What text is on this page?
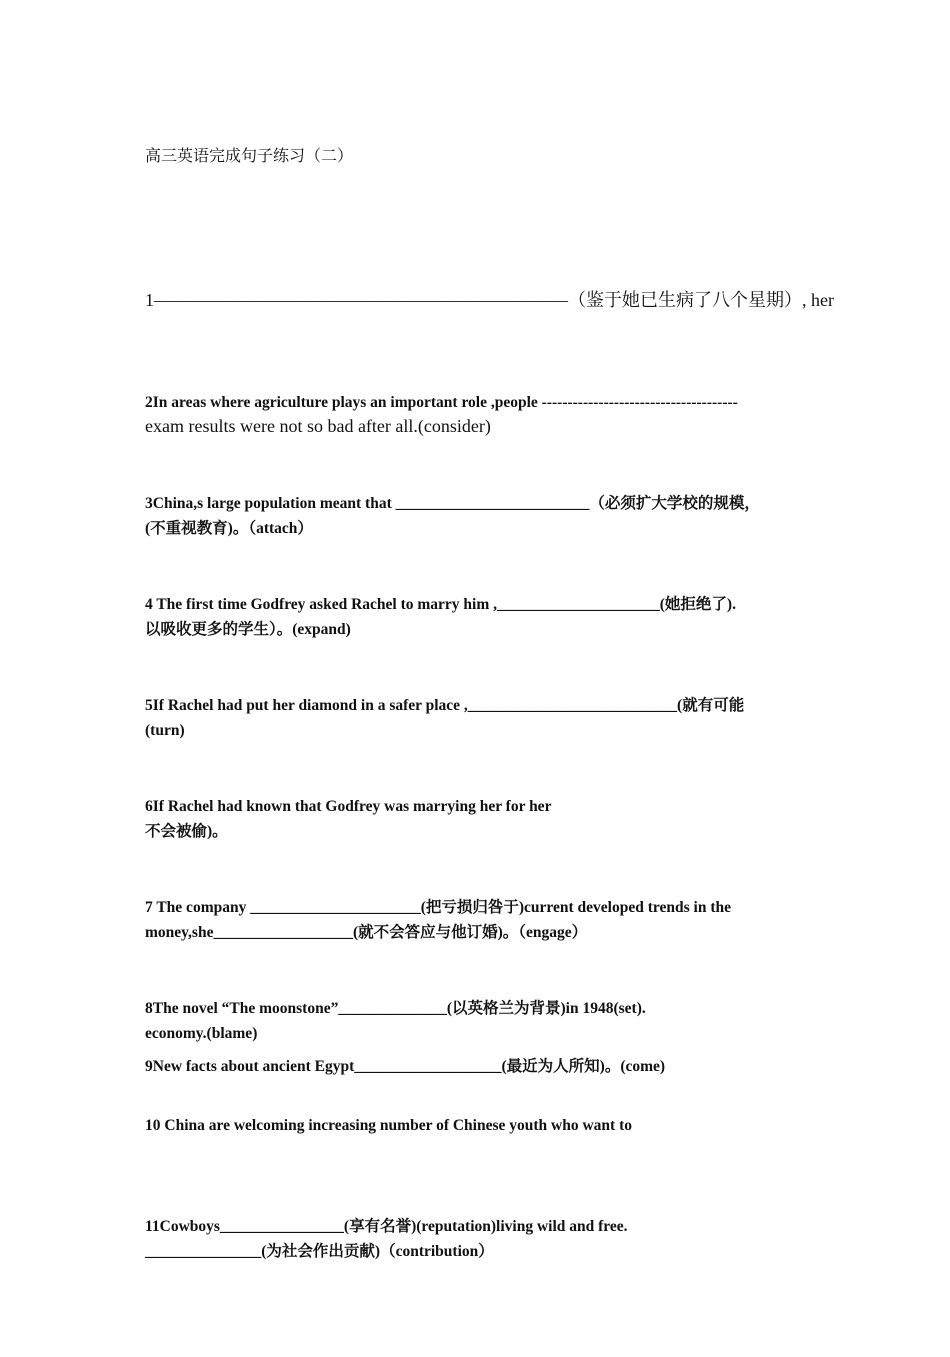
高三英语完成句子练习（二）

1———————————————————————（鉴于她已生病了八个星期）, her

exam results were not so bad after all.(consider)

2In areas where agriculture plays an important role ,people --------------------------------------

(不重视教育)。（attach）

3China,s large population meant that _________________________（必须扩大学校的规模，

以吸收更多的学生）。(expand)

4 The first time Godfrey asked Rachel to marry him ,_____________________(她拒绝了).

(turn)

5If Rachel had put her diamond in a safer place ,___________________________(就有可能

不会被偷)。

6If Rachel had known that Godfrey was marrying her for her

money,she__________________(就不会答应与他订婚)。（engage）

7 The company ______________________(把亏损归咎于)current developed trends in the

economy.(blame)

8The novel “The moonstone”______________(以英格兰为背景)in 1948(set).

9New facts about ancient Egypt___________________(最近为人所知)。(come)

10 China are welcoming increasing number of Chinese youth who want to

_______________(为社会作出贡献)（contribution）

11Cowboys________________(享有名誉)(reputation)living wild and free.
